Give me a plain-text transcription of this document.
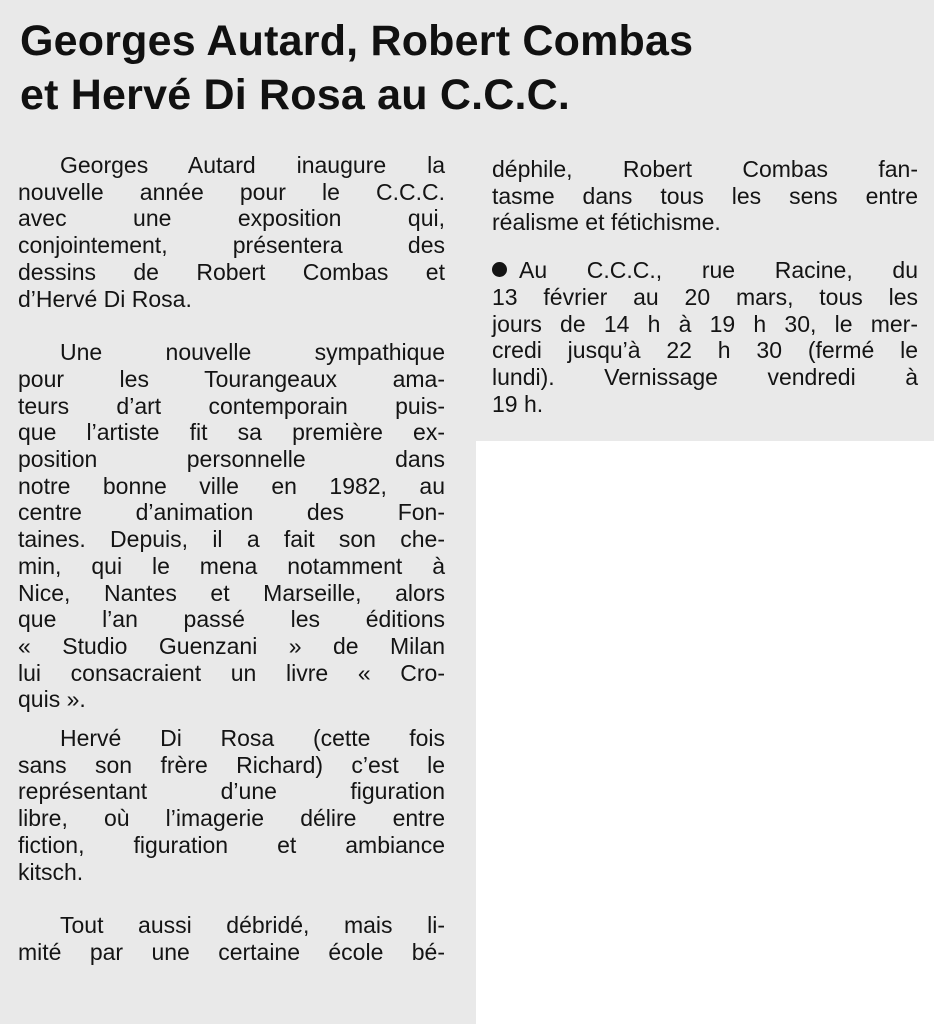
Georges Autard, Robert Combas
et Hervé Di Rosa au C.C.C.

Georges Autard inaugure la
nouvelle année pour le C.C.C.
avec une exposition qui,
conjointement, présentera des
dessins de Robert Combas et
d’Hervé Di Rosa.

Une nouvelle sympathique
pour les Tourangeaux ama-
teurs d’art contemporain puis-
que l’artiste fit sa première ex-
position personnelle dans
notre bonne ville en 1982, au
centre d’animation des Fon-
taines. Depuis, il a fait son che-
min, qui le mena notamment à
Nice, Nantes et Marseille, alors
que l’an passé les éditions
« Studio Guenzani » de Milan
lui consacraient un livre « Cro-
quis ».

Hervé Di Rosa (cette fois
sans son frère Richard) c’est le
représentant d’une figuration
libre, où l’imagerie délire entre
fiction, figuration et ambiance
kitsch.

Tout aussi débridé, mais li-
mité par une certaine école bé-

déphile, Robert Combas fan-
tasme dans tous les sens entre
réalisme et fétichisme.

Au C.C.C., rue Racine, du
13 février au 20 mars, tous les
jours de 14 h à 19 h 30, le mer-
credi jusqu’à 22 h 30 (fermé le
lundi). Vernissage vendredi à
19 h.
